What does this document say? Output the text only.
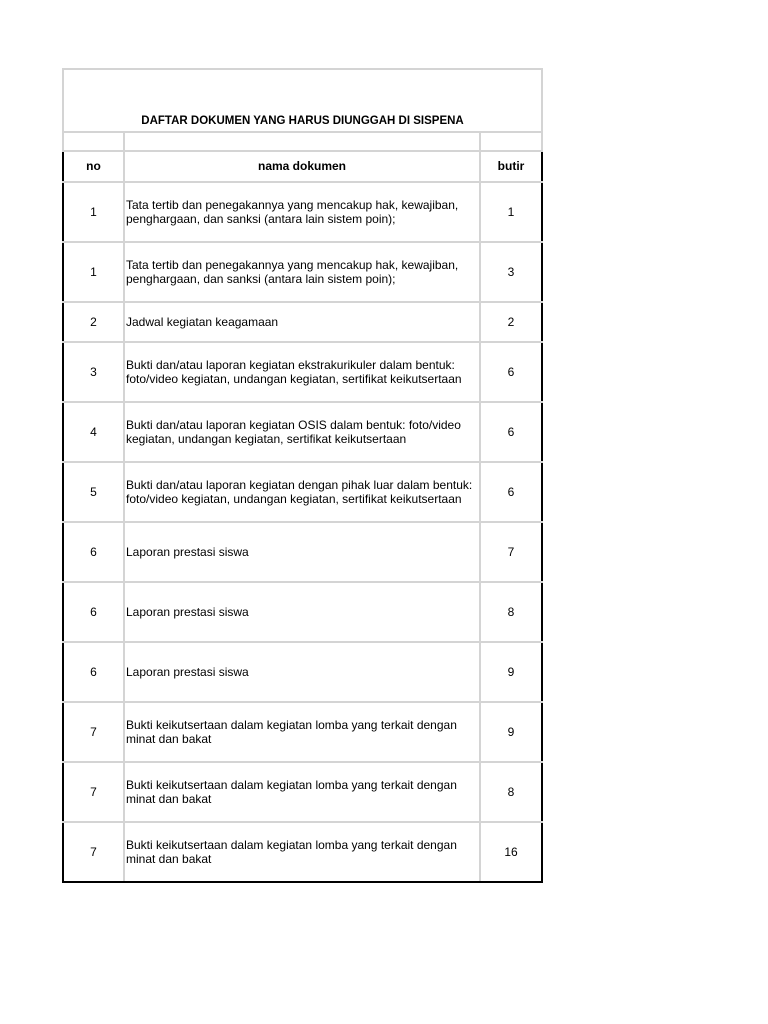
DAFTAR DOKUMEN YANG HARUS DIUNGGAH DI SISPENA		

no	nama dokumen	butir
1	Tata tertib dan penegakannya yang mencakup hak, kewajiban, penghargaan, dan sanksi (antara lain sistem poin);	1
1	Tata tertib dan penegakannya yang mencakup hak, kewajiban, penghargaan, dan sanksi (antara lain sistem poin);	3
2	Jadwal kegiatan keagamaan	2
3	Bukti dan/atau laporan kegiatan ekstrakurikuler dalam bentuk: foto/video kegiatan, undangan kegiatan, sertifikat keikutsertaan	6
4	Bukti dan/atau laporan kegiatan OSIS dalam bentuk: foto/video kegiatan, undangan kegiatan, sertifikat keikutsertaan	6
5	Bukti dan/atau laporan kegiatan dengan pihak luar dalam bentuk: foto/video kegiatan, undangan kegiatan, sertifikat keikutsertaan	6
6	Laporan prestasi siswa	7
6	Laporan prestasi siswa	8
6	Laporan prestasi siswa	9
7	Bukti keikutsertaan dalam kegiatan lomba yang terkait dengan minat dan bakat	9
7	Bukti keikutsertaan dalam kegiatan lomba yang terkait dengan minat dan bakat	8
7	Bukti keikutsertaan dalam kegiatan lomba yang terkait dengan minat dan bakat	16
